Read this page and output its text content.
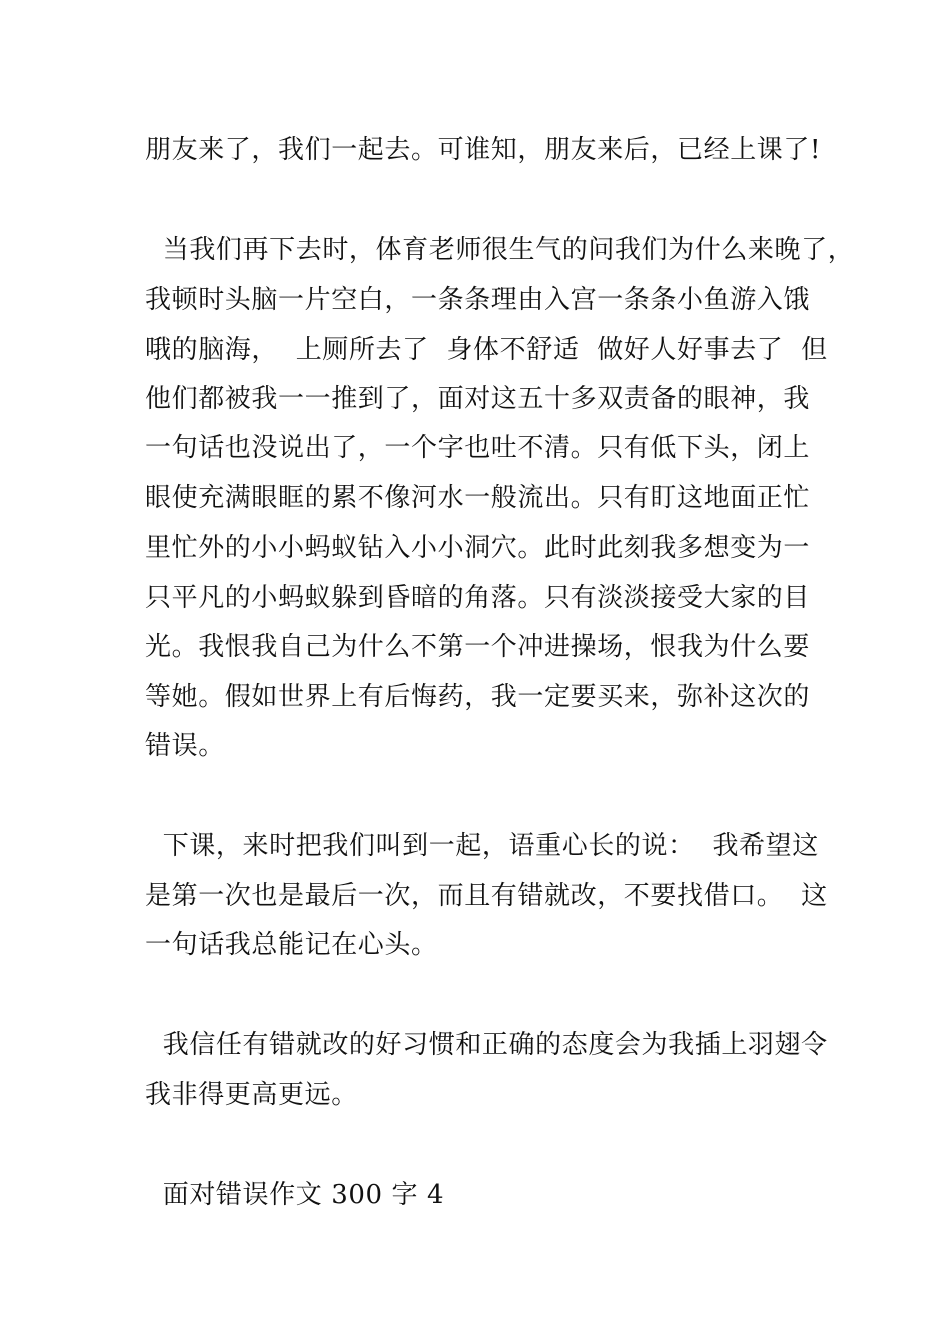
朋友来了，我们一起去。可谁知，朋友来后，已经上课了!
当我们再下去时，体育老师很生气的问我们为什么来晚了，
我顿时头脑一片空白，一条条理由入宫一条条小鱼游入饿
哦的脑海，  上厕所去了  身体不舒适  做好人好事去了  但
他们都被我一一推到了，面对这五十多双责备的眼神，我
一句话也没说出了，一个字也吐不清。只有低下头，闭上
眼使充满眼眶的累不像河水一般流出。只有盯这地面正忙
里忙外的小小蚂蚁钻入小小洞穴。此时此刻我多想变为一
只平凡的小蚂蚁躲到昏暗的角落。只有淡淡接受大家的目
光。我恨我自己为什么不第一个冲进操场，恨我为什么要
等她。假如世界上有后悔药，我一定要买来，弥补这次的
错误。
下课，来时把我们叫到一起，语重心长的说：  我希望这
是第一次也是最后一次，而且有错就改，不要找借口。  这
一句话我总能记在心头。
我信任有错就改的好习惯和正确的态度会为我插上羽翅令
我非得更高更远。
面对错误作文 300 字 4
